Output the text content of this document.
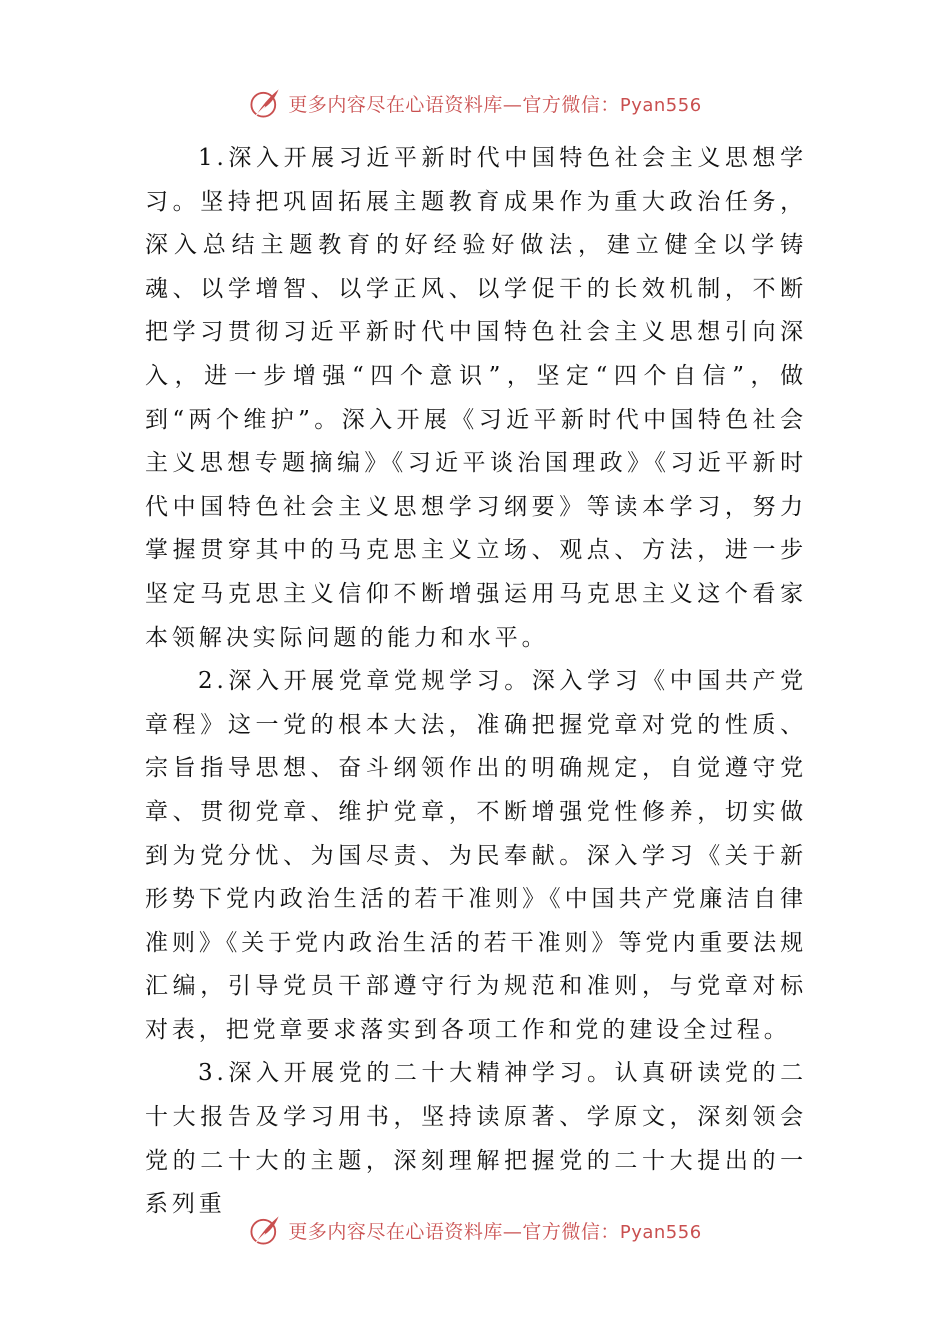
更多内容尽在心语资料库—官方微信：Pyan556

1.深入开展习近平新时代中国特色社会主义思想学习。坚持把巩固拓展主题教育成果作为重大政治任务，深入总结主题教育的好经验好做法，建立健全以学铸魂、以学增智、以学正风、以学促干的长效机制，不断把学习贯彻习近平新时代中国特色社会主义思想引向深入，进一步增强“四个意识”，坚定“四个自信”，做到“两个维护”。深入开展《习近平新时代中国特色社会主义思想专题摘编》《习近平谈治国理政》《习近平新时代中国特色社会主义思想学习纲要》等读本学习，努力掌握贯穿其中的马克思主义立场、观点、方法，进一步坚定马克思主义信仰不断增强运用马克思主义这个看家本领解决实际问题的能力和水平。

2.深入开展党章党规学习。深入学习《中国共产党章程》这一党的根本大法，准确把握党章对党的性质、宗旨指导思想、奋斗纲领作出的明确规定，自觉遵守党章、贯彻党章、维护党章，不断增强党性修养，切实做到为党分忧、为国尽责、为民奉献。深入学习《关于新形势下党内政治生活的若干准则》《中国共产党廉洁自律准则》《关于党内政治生活的若干准则》等党内重要法规汇编，引导党员干部遵守行为规范和准则，与党章对标对表，把党章要求落实到各项工作和党的建设全过程。

3.深入开展党的二十大精神学习。认真研读党的二十大报告及学习用书，坚持读原著、学原文，深刻领会党的二十大的主题，深刻理解把握党的二十大提出的一系列重

更多内容尽在心语资料库—官方微信：Pyan556
